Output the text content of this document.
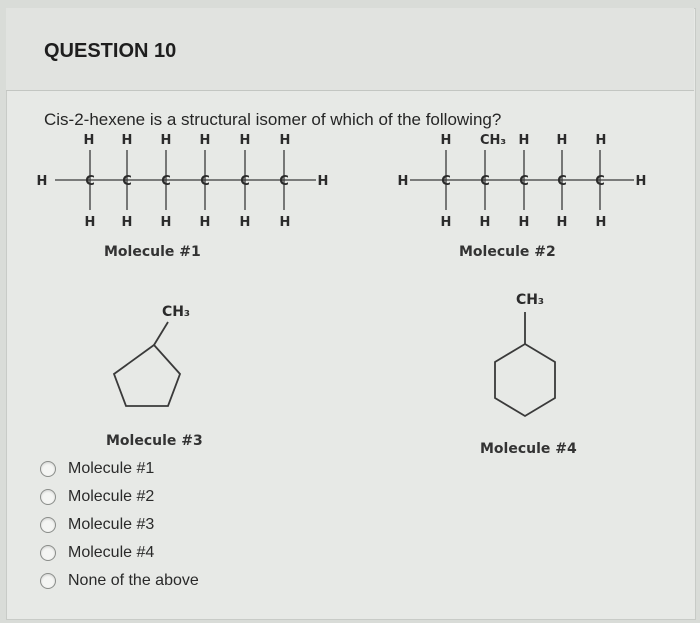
QUESTION 10
Cis-2-hexene is a structural isomer of which of the following?
H H H H H H
H	C C C C C C H
H H H H H H
H CH₃ H H H
H	C C C C C H
H H H H H
CH₃
CH₃
Molecule #1	Molecule #2
Molecule #3	Molecule #4
Molecule #1
Molecule #2
Molecule #3
Molecule #4
None of the above
